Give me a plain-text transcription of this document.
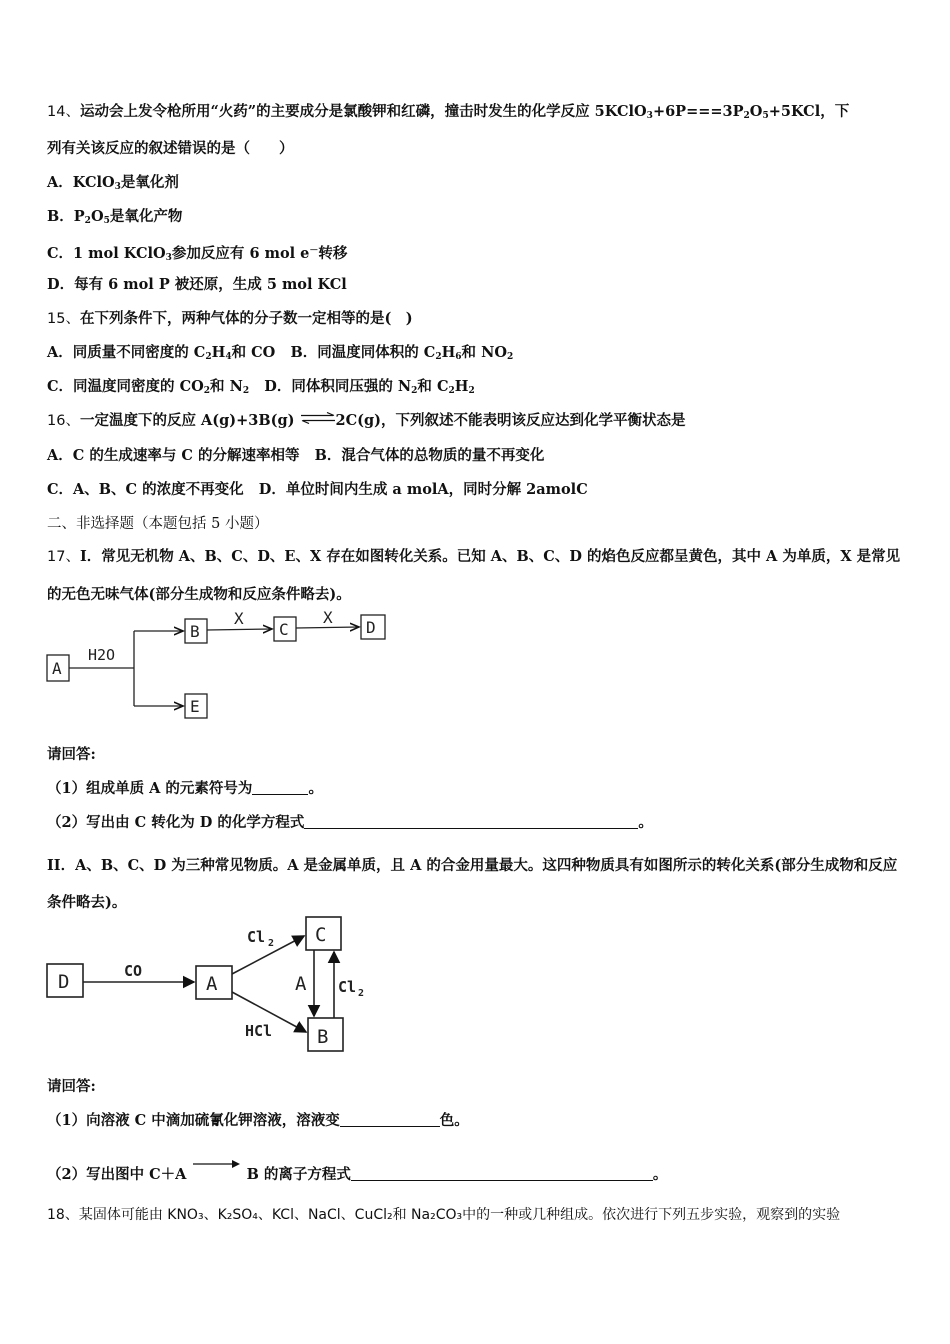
14、运动会上发令枪所用“火药”的主要成分是氯酸钾和红磷，撞击时发生的化学反应 $5KClO_3+6P===3P_2O_5+5KCl$，下
列有关该反应的叙述错误的是（　　）
A．KClO$_3$是氧化剂
B．$P_2O_5$是氧化产物
C．1 mol KClO$_3$参加反应有 6 mol e－转移
D．每有 6 mol P 被还原，生成 5 mol KCl
15、在下列条件下，两种气体的分子数一定相等的是(　)
A．同质量不同密度的 $C_2H_4$和 CO B．同温度同体积的 $C_2H_6$和 $NO_2$
C．同温度同密度的 $CO_2$和 $N_2$ D．同体积同压强的 $N_2$和 $C_2H_2$
16、一定温度下的反应 A(g)+3B(g) ⇌2C(g)，下列叙述不能表明该反应达到化学平衡状态是
A．C 的生成速率与 C 的分解速率相等 B．混合气体的总物质的量不再变化
C．A、B、C 的浓度不再变化 D．单位时间内生成 a molA，同时分解 2amolC
二、非选择题（本题包括 5 小题）
17、I．常见无机物 A、B、C、D、E、X 存在如图转化关系。已知 A、B、C、D 的焰色反应都呈黄色，其中 A 为单质，X 是常见的无色无味气体(部分生成物和反应条件略去)。
A
B	C	D
E
H2O
X	X
请回答:
（1）组成单质 A 的元素符号为	。
（2）写出由 C 转化为 D 的化学方程式	。
II．A、B、C、D 为三种常见物质。A 是金属单质，且 A 的合金用量最大。这四种物质具有如图所示的转化关系(部分生成物和反应条件略去)。
D	A
C
B
CO
Cl 2
Cl 2
HCl
A
请回答:
（1）向溶液 C 中滴加硫氰化钾溶液，溶液变	色。
（2）写出图中 C＋A	B 的离子方程式	。
18、某固体可能由 KNO₃、K₂SO₄、KCl、NaCl、CuCl₂和 Na₂CO₃中的一种或几种组成。依次进行下列五步实验，观察到的实验
